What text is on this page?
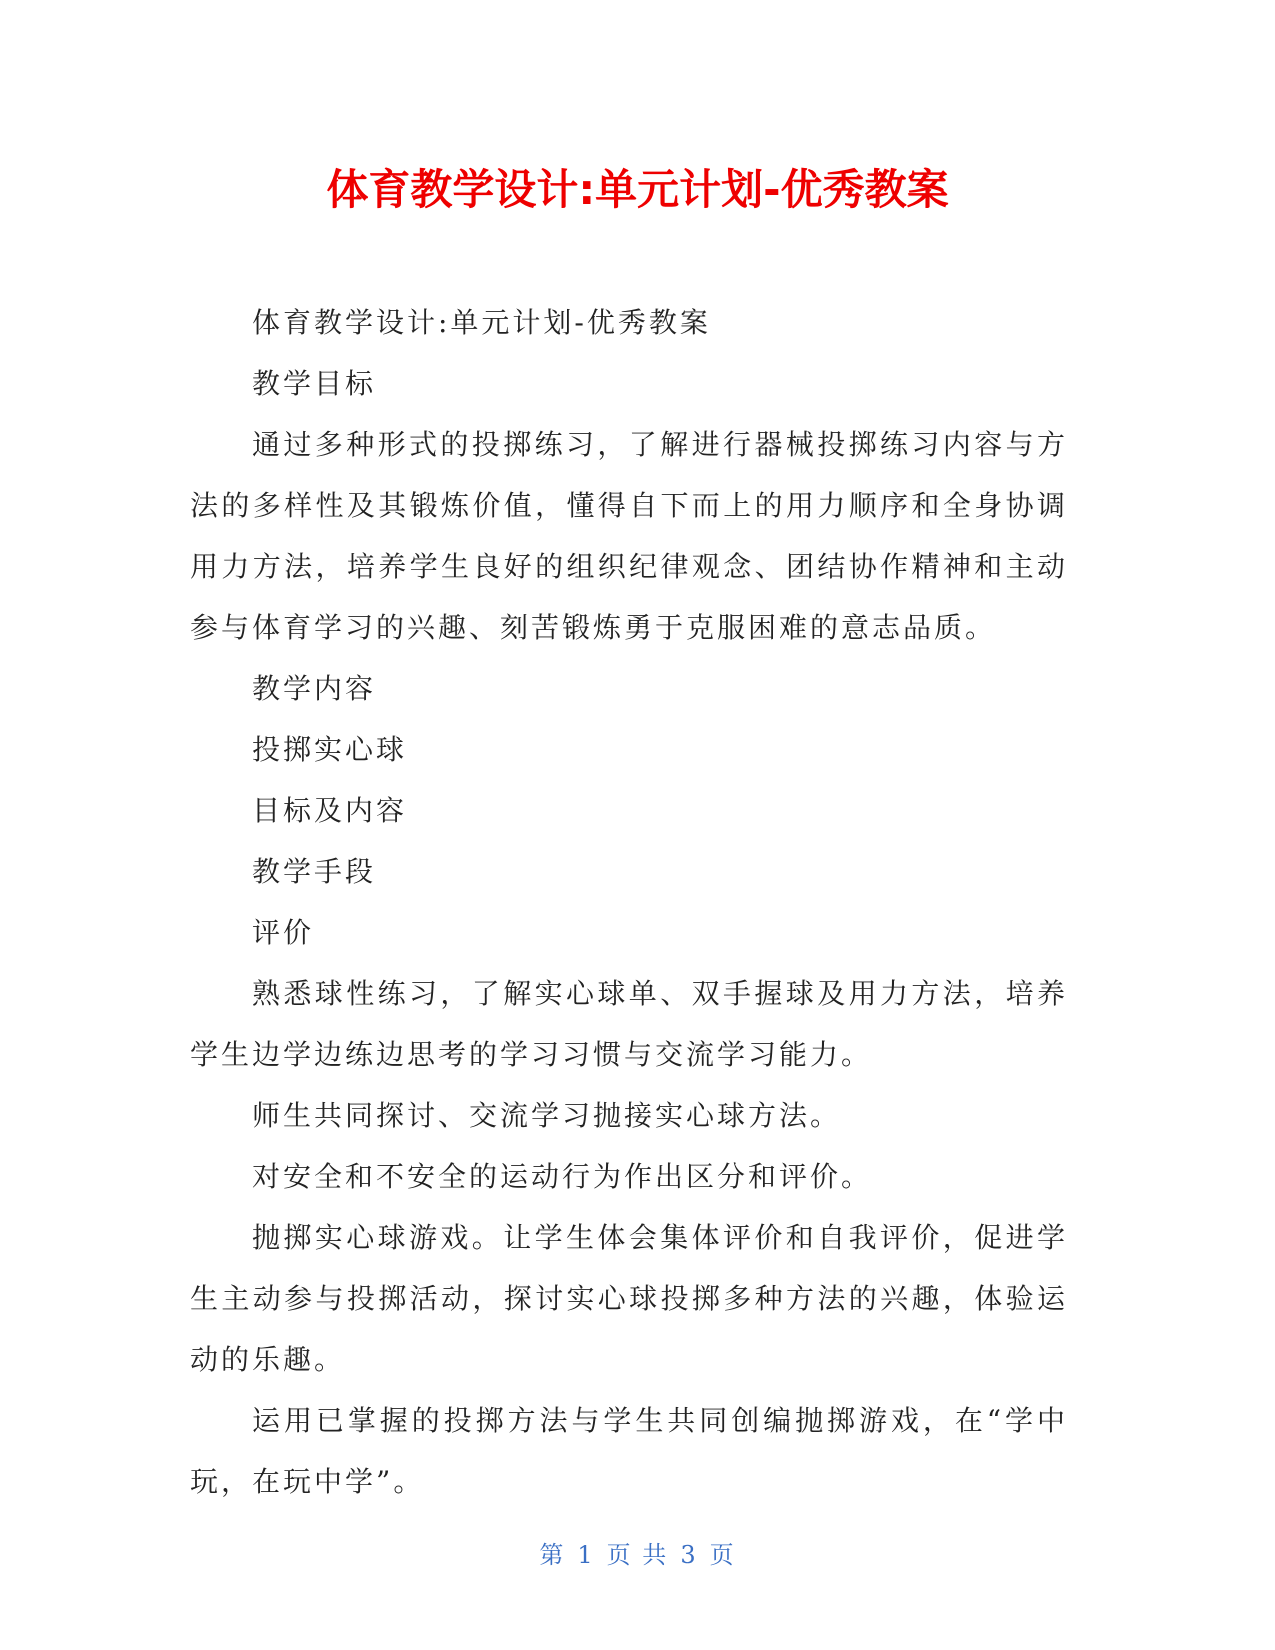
体育教学设计:单元计划-优秀教案

体育教学设计:单元计划-优秀教案

教学目标

通过多种形式的投掷练习，了解进行器械投掷练习内容与方法的多样性及其锻炼价值，懂得自下而上的用力顺序和全身协调用力方法，培养学生良好的组织纪律观念、团结协作精神和主动参与体育学习的兴趣、刻苦锻炼勇于克服困难的意志品质。

教学内容

投掷实心球

目标及内容

教学手段

评价

熟悉球性练习，了解实心球单、双手握球及用力方法，培养学生边学边练边思考的学习习惯与交流学习能力。

师生共同探讨、交流学习抛接实心球方法。

对安全和不安全的运动行为作出区分和评价。

抛掷实心球游戏。让学生体会集体评价和自我评价，促进学生主动参与投掷活动，探讨实心球投掷多种方法的兴趣，体验运动的乐趣。

运用已掌握的投掷方法与学生共同创编抛掷游戏，在“学中玩，在玩中学”。

第 1 页 共 3 页
